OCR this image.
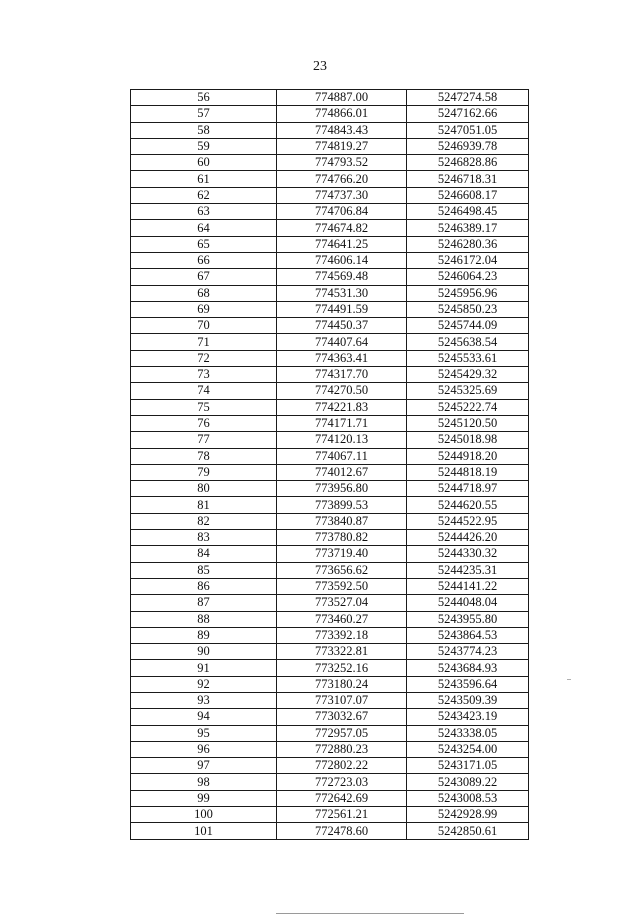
23
56	774887.00	5247274.58
57	774866.01	5247162.66
58	774843.43	5247051.05
59	774819.27	5246939.78
60	774793.52	5246828.86
61	774766.20	5246718.31
62	774737.30	5246608.17
63	774706.84	5246498.45
64	774674.82	5246389.17
65	774641.25	5246280.36
66	774606.14	5246172.04
67	774569.48	5246064.23
68	774531.30	5245956.96
69	774491.59	5245850.23
70	774450.37	5245744.09
71	774407.64	5245638.54
72	774363.41	5245533.61
73	774317.70	5245429.32
74	774270.50	5245325.69
75	774221.83	5245222.74
76	774171.71	5245120.50
77	774120.13	5245018.98
78	774067.11	5244918.20
79	774012.67	5244818.19
80	773956.80	5244718.97
81	773899.53	5244620.55
82	773840.87	5244522.95
83	773780.82	5244426.20
84	773719.40	5244330.32
85	773656.62	5244235.31
86	773592.50	5244141.22
87	773527.04	5244048.04
88	773460.27	5243955.80
89	773392.18	5243864.53
90	773322.81	5243774.23
91	773252.16	5243684.93
92	773180.24	5243596.64
93	773107.07	5243509.39
94	773032.67	5243423.19
95	772957.05	5243338.05
96	772880.23	5243254.00
97	772802.22	5243171.05
98	772723.03	5243089.22
99	772642.69	5243008.53
100	772561.21	5242928.99
101	772478.60	5242850.61
